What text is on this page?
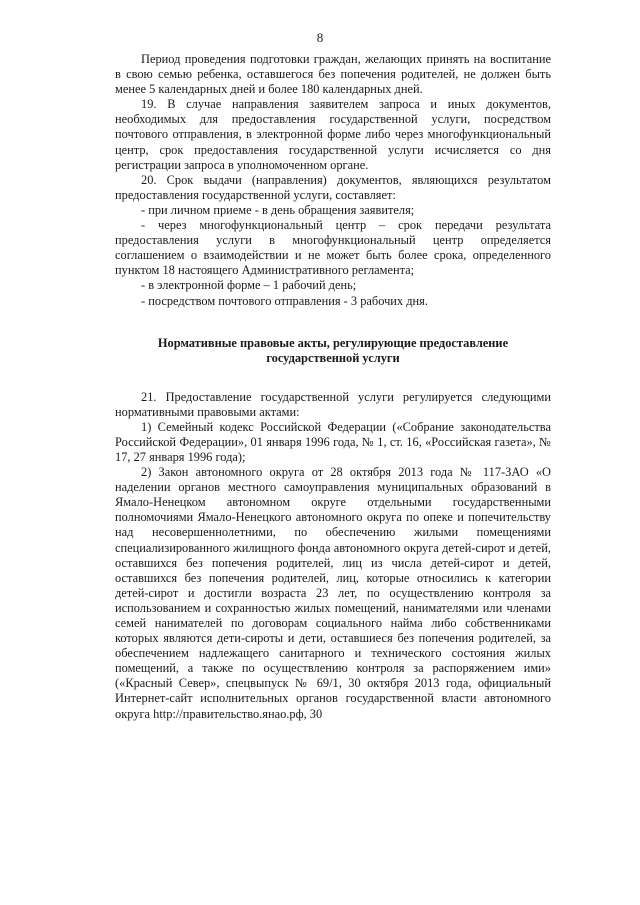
8

Период проведения подготовки граждан, желающих принять на воспитание в свою семью ребенка, оставшегося без попечения родителей, не должен быть менее 5 календарных дней и более 180 календарных дней.

19. В случае направления заявителем запроса и иных документов, необходимых для предоставления государственной услуги, посредством почтового отправления, в электронной форме либо через многофункциональный центр, срок предоставления государственной услуги исчисляется со дня регистрации запроса в уполномоченном органе.

20. Срок выдачи (направления) документов, являющихся результатом предоставления государственной услуги, составляет:

- при личном приеме - в день обращения заявителя;

- через многофункциональный центр – срок передачи результата предоставления услуги в многофункциональный центр определяется соглашением о взаимодействии и не может быть более срока, определенного пунктом 18 настоящего Административного регламента;

- в электронной форме – 1 рабочий день;

- посредством почтового отправления - 3 рабочих дня.

Нормативные правовые акты, регулирующие предоставление государственной услуги

21. Предоставление государственной услуги регулируется следующими нормативными правовыми актами:

1) Семейный кодекс Российской Федерации («Собрание законодательства Российской Федерации», 01 января 1996 года, № 1, ст. 16, «Российская газета», № 17, 27 января 1996 года);

2) Закон автономного округа от 28 октября 2013 года № 117-ЗАО «О наделении органов местного самоуправления муниципальных образований в Ямало-Ненецком автономном округе отдельными государственными полномочиями Ямало-Ненецкого автономного округа по опеке и попечительству над несовершеннолетними, по обеспечению жилыми помещениями специализированного жилищного фонда автономного округа детей-сирот и детей, оставшихся без попечения родителей, лиц из числа детей-сирот и детей, оставшихся без попечения родителей, лиц, которые относились к категории детей-сирот и достигли возраста 23 лет, по осуществлению контроля за использованием и сохранностью жилых помещений, нанимателями или членами семей нанимателей по договорам социального найма либо собственниками которых являются дети-сироты и дети, оставшиеся без попечения родителей, за обеспечением надлежащего санитарного и технического состояния жилых помещений, а также по осуществлению контроля за распоряжением ими» («Красный Север», спецвыпуск № 69/1, 30 октября 2013 года, официальный Интернет-сайт исполнительных органов государственной власти автономного округа http://правительство.янао.рф, 30
